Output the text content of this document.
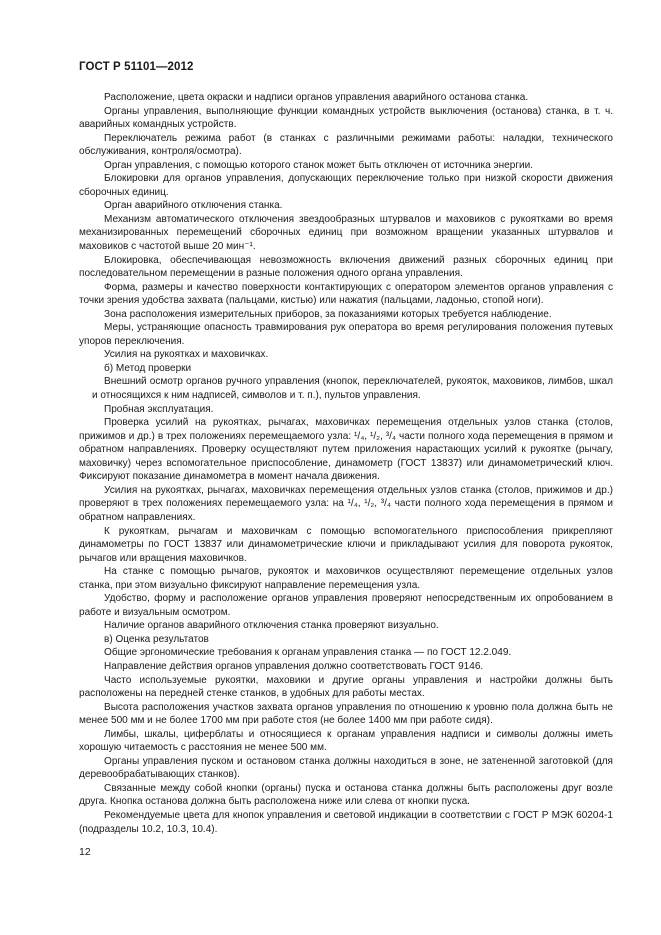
ГОСТ Р 51101—2012

Расположение, цвета окраски и надписи органов управления аварийного останова станка.

Органы управления, выполняющие функции командных устройств выключения (останова) станка, в т. ч. аварийных командных устройств.

Переключатель режима работ (в станках с различными режимами работы: наладки, технического обслуживания, контроля/осмотра).

Орган управления, с помощью которого станок может быть отключен от источника энергии.

Блокировки для органов управления, допускающих переключение только при низкой скорости движения сборочных единиц.

Орган аварийного отключения станка.

Механизм автоматического отключения звездообразных штурвалов и маховиков с рукоятками во время механизированных перемещений сборочных единиц при возможном вращении указанных штурвалов и маховиков с частотой выше 20 мин⁻¹.

Блокировка, обеспечивающая невозможность включения движений разных сборочных единиц при последовательном перемещении в разные положения одного органа управления.

Форма, размеры и качество поверхности контактирующих с оператором элементов органов управления с точки зрения удобства захвата (пальцами, кистью) или нажатия (пальцами, ладонью, стопой ноги).

Зона расположения измерительных приборов, за показаниями которых требуется наблюдение.

Меры, устраняющие опасность травмирования рук оператора во время регулирования положения путевых упоров переключения.

Усилия на рукоятках и маховичках.

б) Метод проверки

Внешний осмотр органов ручного управления (кнопок, переключателей, рукояток, маховиков, лимбов, шкал и относящихся к ним надписей, символов и т. п.), пультов управления.

Пробная эксплуатация.

Проверка усилий на рукоятках, рычагах, маховичках перемещения отдельных узлов станка (столов, прижимов и др.) в трех положениях перемещаемого узла: ¹/₄, ¹/₂, ³/₄ части полного хода перемещения в прямом и обратном направлениях. Проверку осуществляют путем приложения нарастающих усилий к рукоятке (рычагу, маховичку) через вспомогательное приспособление, динамометр (ГОСТ 13837) или динамометрический ключ. Фиксируют показание динамометра в момент начала движения.

Усилия на рукоятках, рычагах, маховичках перемещения отдельных узлов станка (столов, прижимов и др.) проверяют в трех положениях перемещаемого узла: на ¹/₄, ¹/₂, ³/₄ части полного хода перемещения в прямом и обратном направлениях.

К рукояткам, рычагам и маховичкам с помощью вспомогательного приспособления прикрепляют динамометры по ГОСТ 13837 или динамометрические ключи и прикладывают усилия для поворота рукояток, рычагов или вращения маховичков.

На станке с помощью рычагов, рукояток и маховичков осуществляют перемещение отдельных узлов станка, при этом визуально фиксируют направление перемещения узла.

Удобство, форму и расположение органов управления проверяют непосредственным их опробованием в работе и визуальным осмотром.

Наличие органов аварийного отключения станка проверяют визуально.

в) Оценка результатов

Общие эргономические требования к органам управления станка — по ГОСТ 12.2.049.

Направление действия органов управления должно соответствовать ГОСТ 9146.

Часто используемые рукоятки, маховики и другие органы управления и настройки должны быть расположены на передней стенке станков, в удобных для работы местах.

Высота расположения участков захвата органов управления по отношению к уровню пола должна быть не менее 500 мм и не более 1700 мм при работе стоя (не более 1400 мм при работе сидя).

Лимбы, шкалы, циферблаты и относящиеся к органам управления надписи и символы должны иметь хорошую читаемость с расстояния не менее 500 мм.

Органы управления пуском и остановом станка должны находиться в зоне, не затененной заготовкой (для деревообрабатывающих станков).

Связанные между собой кнопки (органы) пуска и останова станка должны быть расположены друг возле друга. Кнопка останова должна быть расположена ниже или слева от кнопки пуска.

Рекомендуемые цвета для кнопок управления и световой индикации в соответствии с ГОСТ Р МЭК 60204-1 (подразделы 10.2, 10.3, 10.4).

12
